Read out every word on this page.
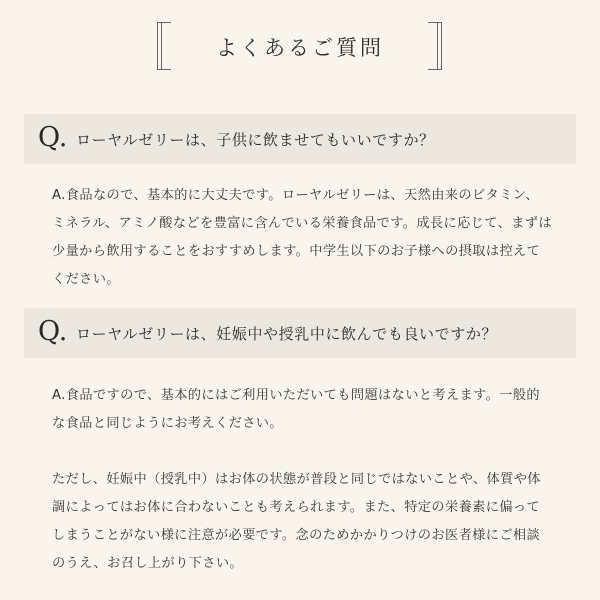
よくあるご質問
Q. ローヤルゼリーは、子供に飲ませてもいいですか？

A.食品なので、基本的に大丈夫です。ローヤルゼリーは、天然由来のビタミン、ミネラル、アミノ酸などを豊富に含んでいる栄養食品です。成長に応じて、まずは少量から飲用することをおすすめします。中学生以下のお子様への摂取は控えてください。

Q. ローヤルゼリーは、妊娠中や授乳中に飲んでも良いですか？

A.食品ですので、基本的にはご利用いただいても問題はないと考えます。一般的な食品と同じようにお考えください。

ただし、妊娠中（授乳中）はお体の状態が普段と同じではないことや、体質や体調によってはお体に合わないことも考えられます。また、特定の栄養素に偏ってしまうことがない様に注意が必要です。念のためかかりつけのお医者様にご相談のうえ、お召し上がり下さい。
